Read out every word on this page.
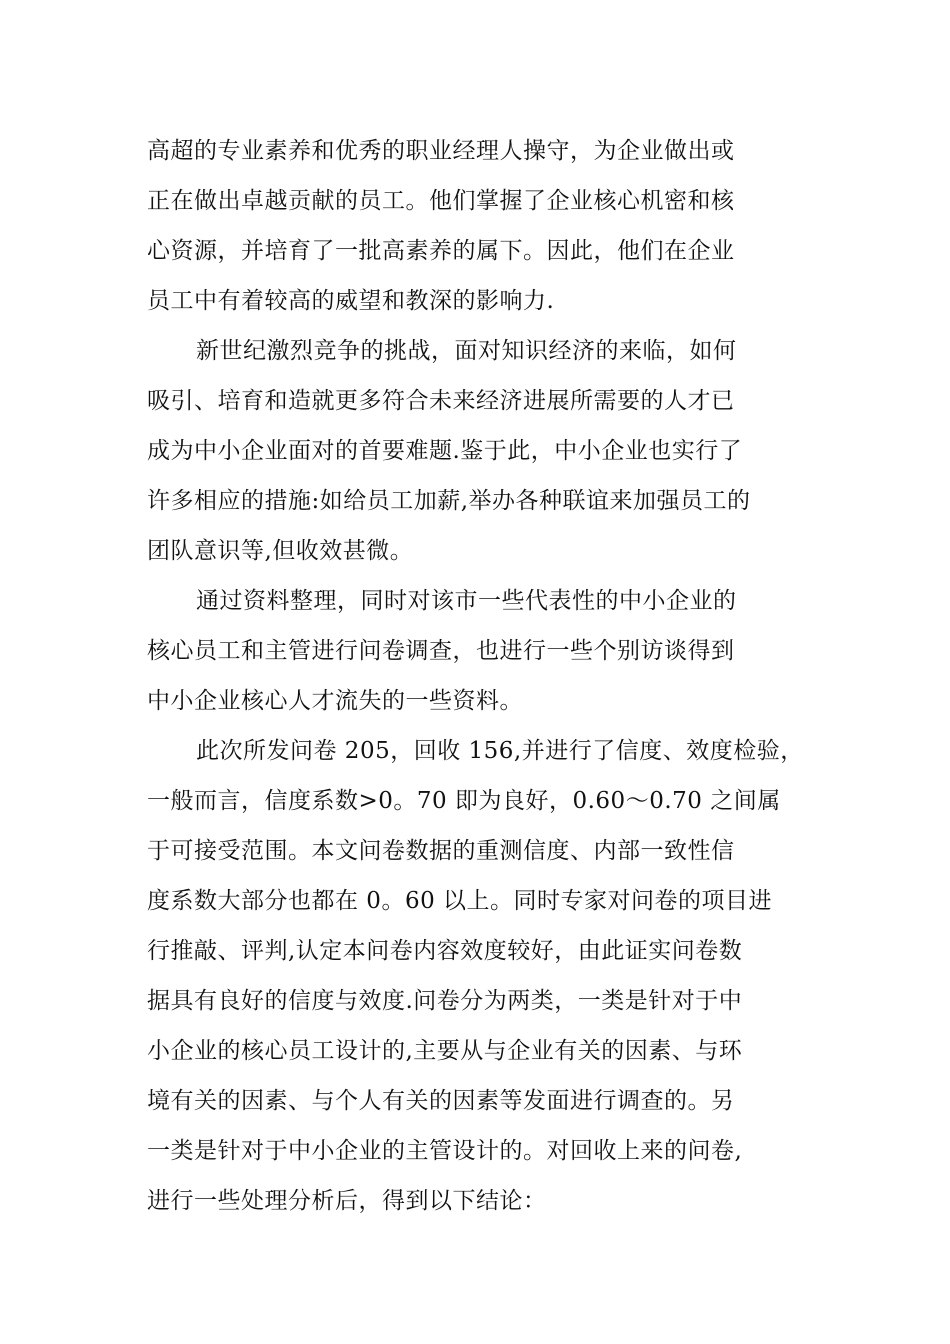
高超的专业素养和优秀的职业经理人操守，为企业做出或
正在做出卓越贡献的员工。他们掌握了企业核心机密和核
心资源，并培育了一批高素养的属下。因此，他们在企业
员工中有着较高的威望和教深的影响力.
新世纪激烈竞争的挑战，面对知识经济的来临，如何
吸引、培育和造就更多符合未来经济进展所需要的人才已
成为中小企业面对的首要难题.鉴于此，中小企业也实行了
许多相应的措施:如给员工加薪,举办各种联谊来加强员工的
团队意识等,但收效甚微。
通过资料整理，同时对该市一些代表性的中小企业的
核心员工和主管进行问卷调查，也进行一些个别访谈得到
中小企业核心人才流失的一些资料。
此次所发问卷 205，回收 156,并进行了信度、效度检验，
一般而言，信度系数>0。70 即为良好，0.60～0.70 之间属
于可接受范围。本文问卷数据的重测信度、内部一致性信
度系数大部分也都在 0。60 以上。同时专家对问卷的项目进
行推敲、评判,认定本问卷内容效度较好，由此证实问卷数
据具有良好的信度与效度.问卷分为两类，一类是针对于中
小企业的核心员工设计的,主要从与企业有关的因素、与环
境有关的因素、与个人有关的因素等发面进行调查的。另
一类是针对于中小企业的主管设计的。对回收上来的问卷,
进行一些处理分析后，得到以下结论：
